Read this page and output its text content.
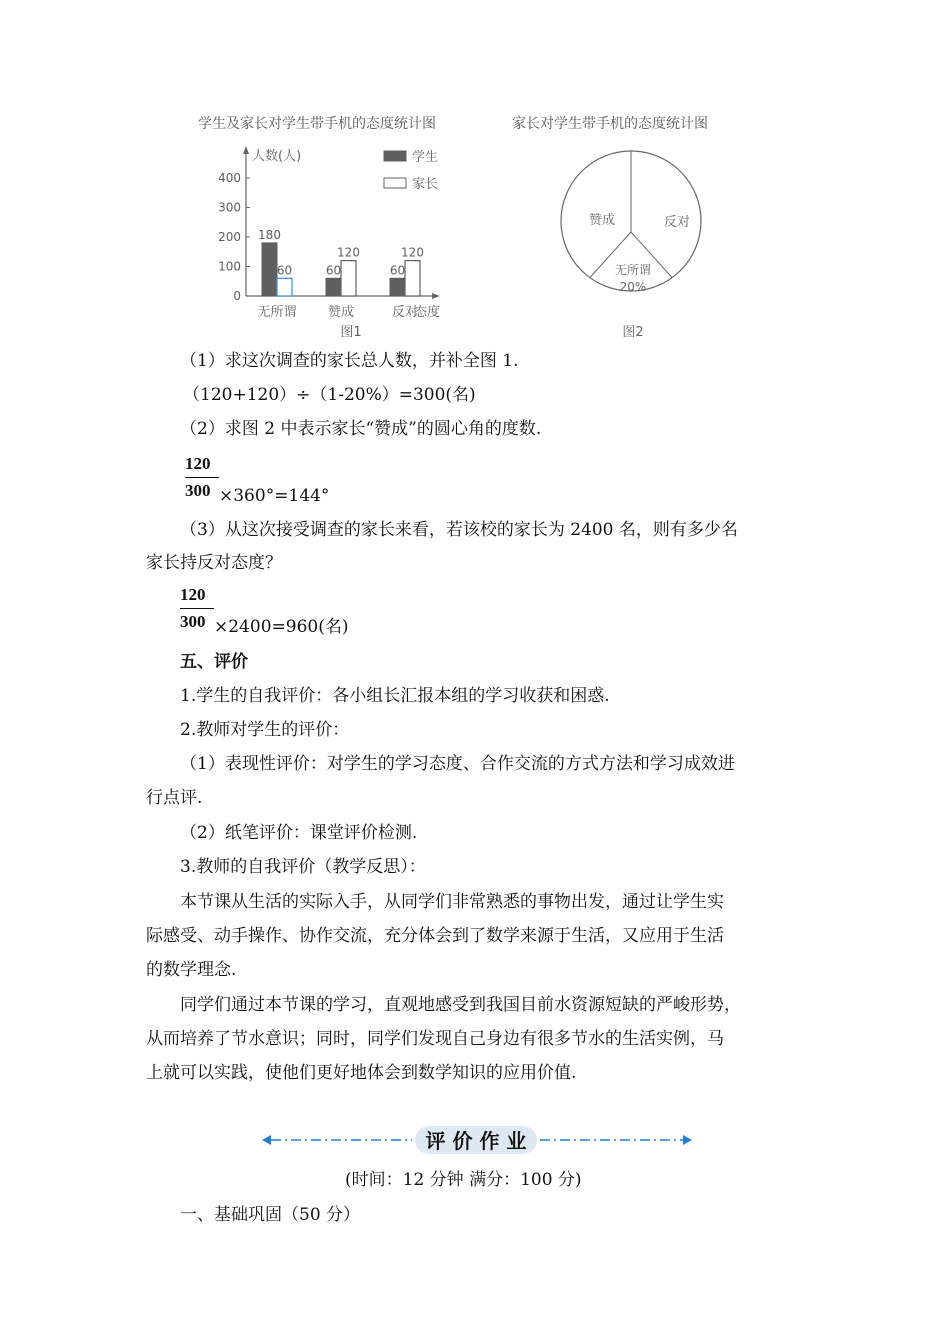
学生及家长对学生带手机的态度统计图	家长对学生带手机的态度统计图
0
100
200
300
400
人数(人)
态度
学生
家长
180
60
无所谓
60
120
赞成
60
120
反对
图1
赞成	反对
无所谓
20%
图2
（1）求这次调查的家长总人数，并补全图 1.
（120+120）÷（1-20%）=300(名)
（2）求图 2 中表示家长“赞成”的圆心角的度数.
120
300 ×360°=144°
（3）从这次接受调查的家长来看，若该校的家长为 2400 名，则有多少名
家长持反对态度？
120
300 ×2400=960(名)
五、评价
1.学生的自我评价：各小组长汇报本组的学习收获和困惑.
2.教师对学生的评价：
（1）表现性评价：对学生的学习态度、合作交流的方式方法和学习成效进
行点评.
（2）纸笔评价：课堂评价检测.
3.教师的自我评价（教学反思）：
本节课从生活的实际入手，从同学们非常熟悉的事物出发，通过让学生实
际感受、动手操作、协作交流，充分体会到了数学来源于生活，又应用于生活
的数学理念.
同学们通过本节课的学习，直观地感受到我国目前水资源短缺的严峻形势，
从而培养了节水意识；同时，同学们发现自己身边有很多节水的生活实例，马
上就可以实践，使他们更好地体会到数学知识的应用价值.
评 价 作 业
(时间：12 分钟 满分：100 分)
一、基础巩固（50 分）
